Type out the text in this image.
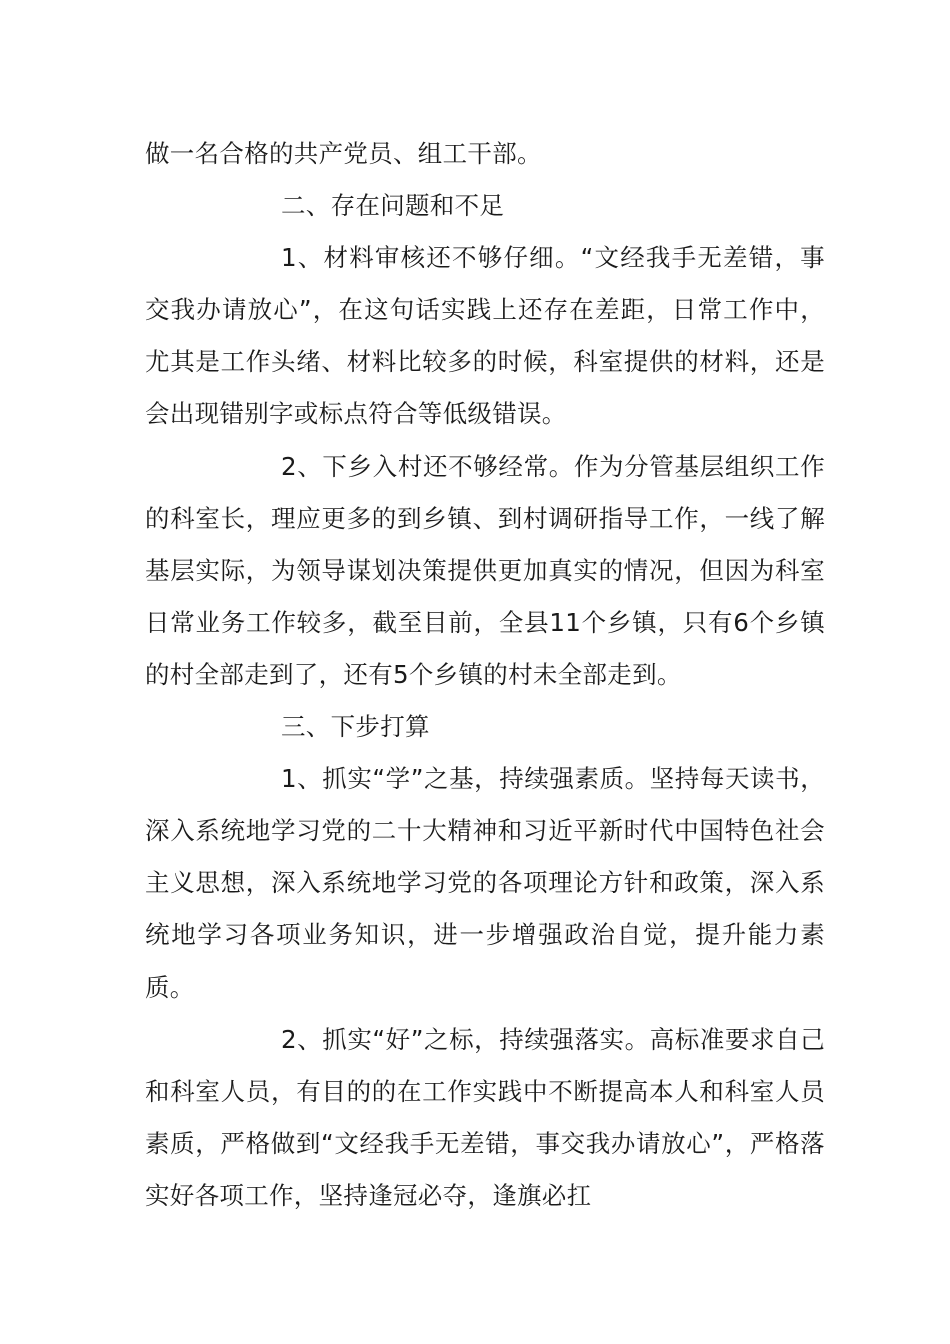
做一名合格的共产党员、组工干部。

二、存在问题和不足

1、材料审核还不够仔细。“文经我手无差错，事交我办请放心”，在这句话实践上还存在差距，日常工作中，尤其是工作头绪、材料比较多的时候，科室提供的材料，还是会出现错别字或标点符合等低级错误。

2、下乡入村还不够经常。作为分管基层组织工作的科室长，理应更多的到乡镇、到村调研指导工作，一线了解基层实际，为领导谋划决策提供更加真实的情况，但因为科室日常业务工作较多，截至目前，全县11个乡镇，只有6个乡镇的村全部走到了，还有5个乡镇的村未全部走到。

三、下步打算

1、抓实“学”之基，持续强素质。坚持每天读书，深入系统地学习党的二十大精神和习近平新时代中国特色社会主义思想，深入系统地学习党的各项理论方针和政策，深入系统地学习各项业务知识，进一步增强政治自觉，提升能力素质。

2、抓实“好”之标，持续强落实。高标准要求自己和科室人员，有目的的在工作实践中不断提高本人和科室人员素质，严格做到“文经我手无差错，事交我办请放心”，严格落实好各项工作，坚持逢冠必夺，逢旗必扛
